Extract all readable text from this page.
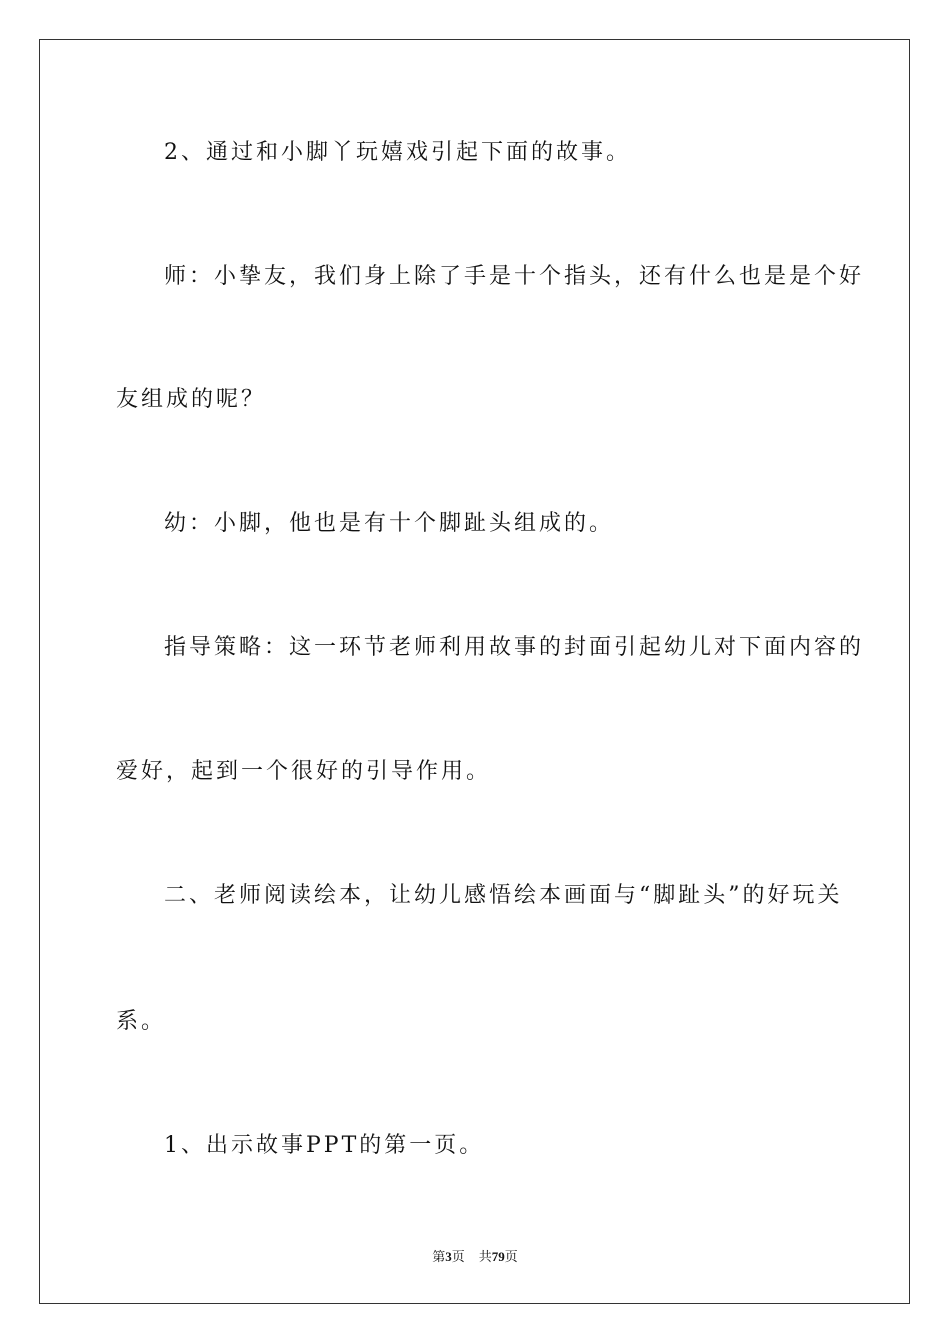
2、通过和小脚丫玩嬉戏引起下面的故事。
师：小挚友，我们身上除了手是十个指头，还有什么也是是个好
友组成的呢？
幼：小脚，他也是有十个脚趾头组成的。
指导策略：这一环节老师利用故事的封面引起幼儿对下面内容的
爱好，起到一个很好的引导作用。
二、老师阅读绘本，让幼儿感悟绘本画面与“脚趾头”的好玩关
系。
1、出示故事PPT的第一页。
第3页 共79页
